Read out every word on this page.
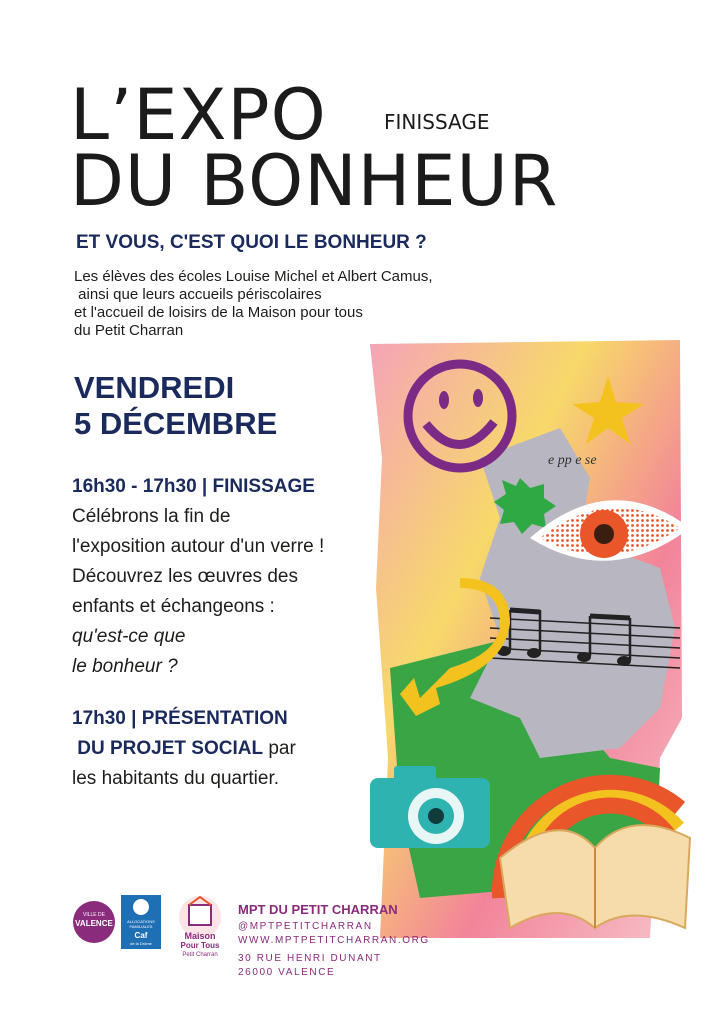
L’EXPO	FINISSAGE
DU BONHEUR
ET VOUS, C'EST QUOI LE BONHEUR ?
Les élèves des écoles Louise Michel et Albert Camus,
ainsi que leurs accueils périscolaires
et l'accueil de loisirs de la Maison pour tous
du Petit Charran
VENDREDI
5 DÉCEMBRE
16h30 - 17h30 | FINISSAGE
Célébrons la fin de
l'exposition autour d'un verre !
Découvrez les œuvres des
enfants et échangeons :
qu'est-ce que
le bonheur ?
17h30 | PRÉSENTATION
DU PROJET SOCIAL par
les habitants du quartier.
e pp e se
VILLE DE
VALENCE	ALLOCATIONS
FAMILIALES
Caf
de la Drôme
Maison
Pour Tous
Petit Charran
MPT DU PETIT CHARRAN
@MPTPETITCHARRAN
WWW.MPTPETITCHARRAN.ORG
30 RUE HENRI DUNANT
26000 VALENCE
